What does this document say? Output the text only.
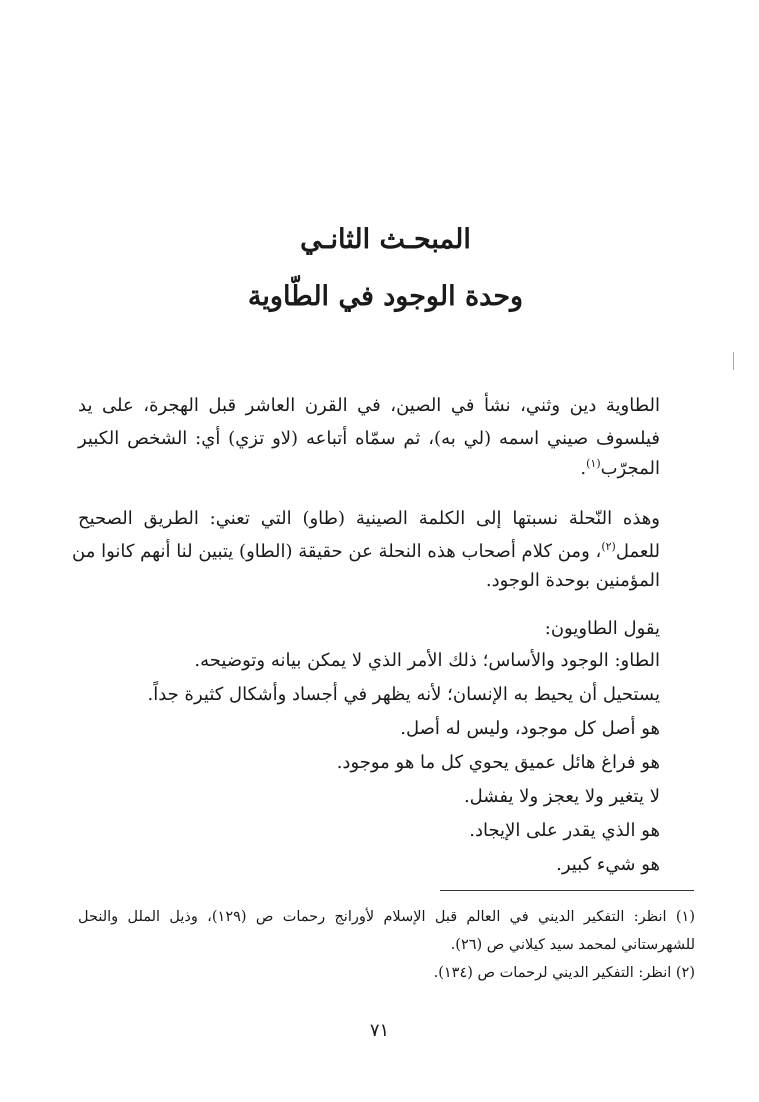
المبحـث الثانـي
وحدة الوجود في الطّاوية
الطاوية دين وثني، نشأ في الصين، في القرن العاشر قبل الهجرة، على يد
فيلسوف صيني اسمه (لي به)، ثم سمّاه أتباعه (لاو تزي) أي: الشخص الكبير
المجرّب$^{(١)}$.
وهذه النّحلة نسبتها إلى الكلمة الصينية (طاو) التي تعني: الطريق الصحيح
للعمل$^{(٢)}$، ومن كلام أصحاب هذه النحلة عن حقيقة (الطاو) يتبين لنا أنهم كانوا من
المؤمنين بوحدة الوجود.
يقول الطاويون:
الطاو: الوجود والأساس؛ ذلك الأمر الذي لا يمكن بيانه وتوضيحه.
يستحيل أن يحيط به الإنسان؛ لأنه يظهر في أجساد وأشكال كثيرة جداً.
هو أصل كل موجود، وليس له أصل.
هو فراغ هائل عميق يحوي كل ما هو موجود.
لا يتغير ولا يعجز ولا يفشل.
هو الذي يقدر على الإيجاد.
هو شيء كبير.
(١) انظر: التفكير الديني في العالم قبل الإسلام لأورانج رحمات ص (١٢٩)، وذيل الملل والنحل
للشهرستاني لمحمد سيد كيلاني ص (٢٦).
(٢) انظر: التفكير الديني لرحمات ص (١٣٤).
٧١
